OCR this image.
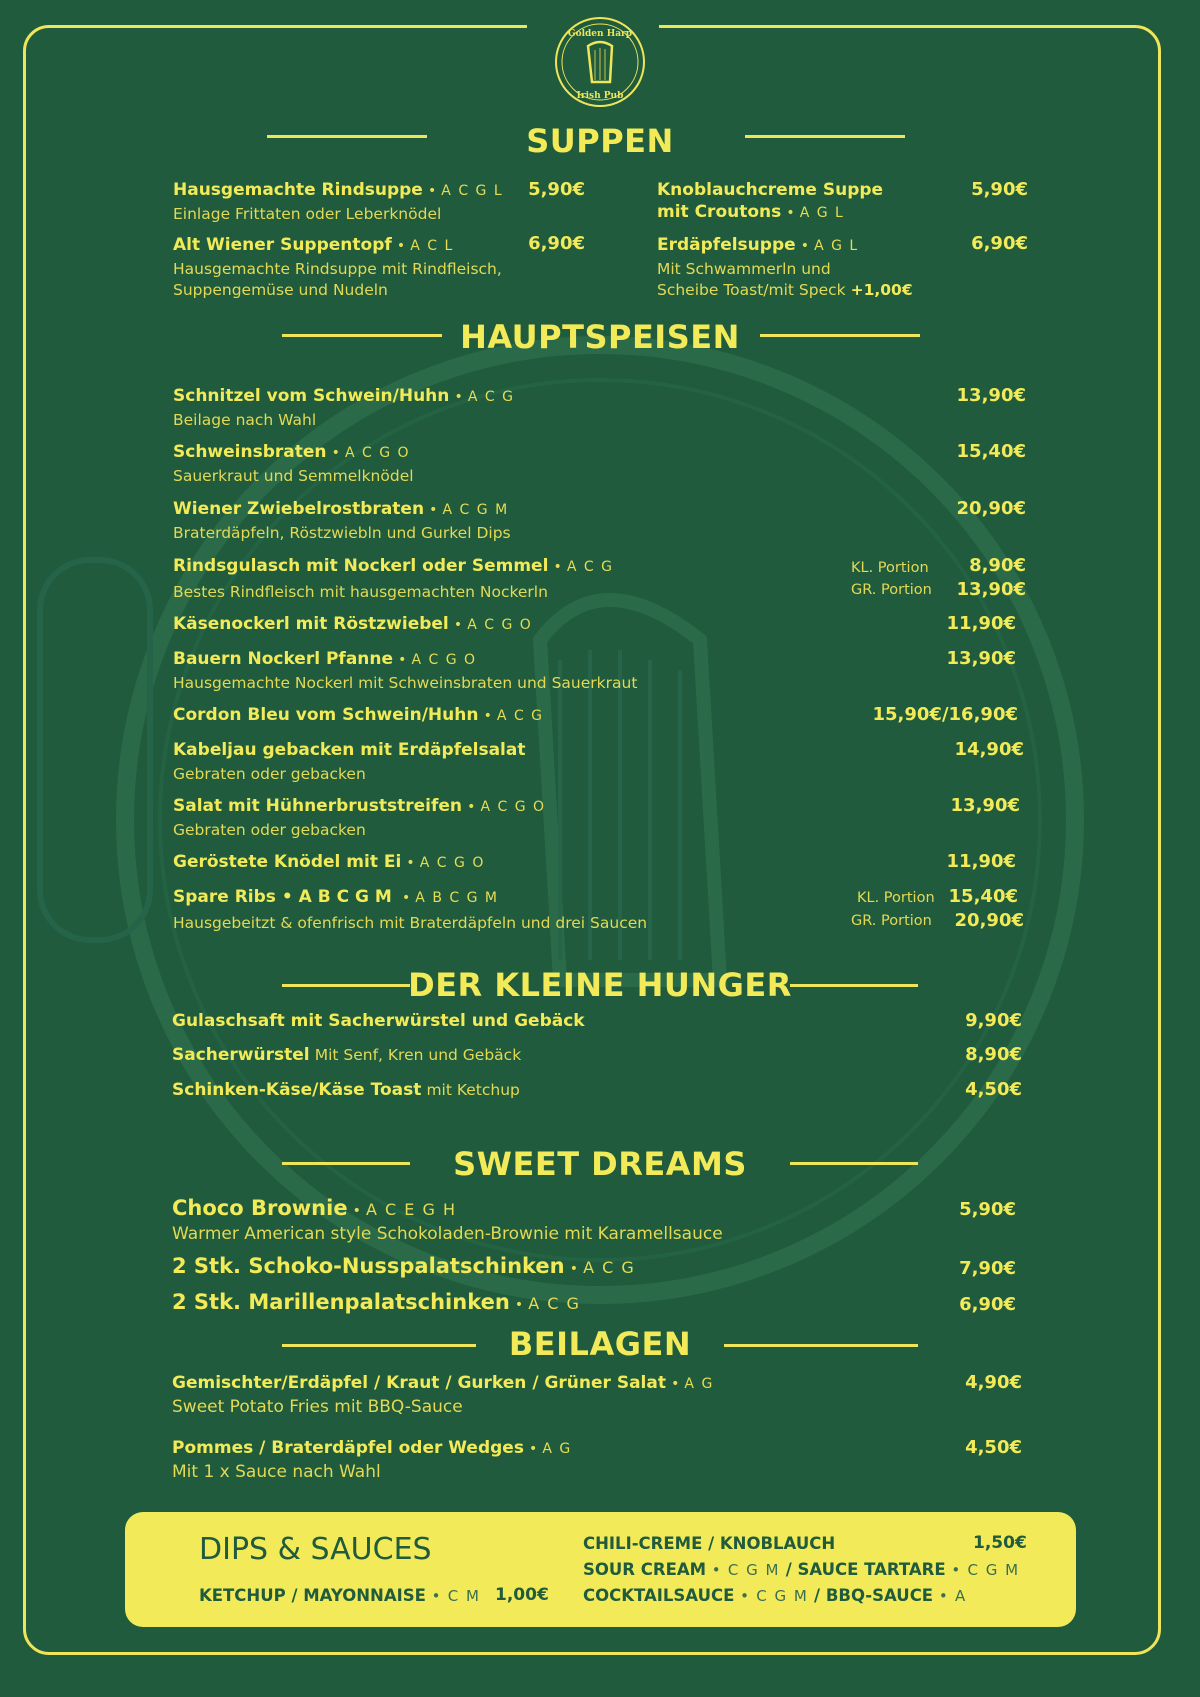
Golden Harp
Irish Pub
SUPPEN
Hausgemachte Rindsuppe • A C G L
Einlage Frittaten oder Leberknödel
5,90€
Alt Wiener Suppentopf • A C L
Hausgemachte Rindsuppe mit Rindfleisch,
Suppengemüse und Nudeln
6,90€
Knoblauchcreme Suppe
mit Croutons • A G L
5,90€
Erdäpfelsuppe • A G L
Mit Schwammerln und
Scheibe Toast/mit Speck +1,00€
6,90€
HAUPTSPEISEN
Schnitzel vom Schwein/Huhn • A C G
Beilage nach Wahl
13,90€
Schweinsbraten • A C G O
Sauerkraut und Semmelknödel
15,40€
Wiener Zwiebelrostbraten • A C G M
Braterdäpfeln, Röstzwiebln und Gurkel Dips
20,90€
Rindsgulasch mit Nockerl oder Semmel • A C G
Bestes Rindfleisch mit hausgemachten Nockerln
KL. Portion	8,90€
GR. Portion	13,90€
Käsenockerl mit Röstzwiebel • A C G O	11,90€
Bauern Nockerl Pfanne • A C G O
Hausgemachte Nockerl mit Schweinsbraten und Sauerkraut
13,90€
Cordon Bleu vom Schwein/Huhn • A C G	15,90€/16,90€
Kabeljau gebacken mit Erdäpfelsalat
Gebraten oder gebacken
14,90€
Salat mit Hühnerbruststreifen • A C G O
Gebraten oder gebacken
13,90€
Geröstete Knödel mit Ei • A C G O	11,90€
Spare Ribs • A B C G M • A B C G M
Hausgebeitzt & ofenfrisch mit Braterdäpfeln und drei Saucen
KL. Portion 15,40€
GR. Portion	20,90€
DER KLEINE HUNGER
Gulaschsaft mit Sacherwürstel und Gebäck	9,90€
Sacherwürstel Mit Senf, Kren und Gebäck	8,90€
Schinken-Käse/Käse Toast mit Ketchup	4,50€
SWEET DREAMS
Choco Brownie • A C E G H
Warmer American style Schokoladen-Brownie mit Karamellsauce
5,90€
2 Stk. Schoko-Nusspalatschinken • A C G	7,90€
2 Stk. Marillenpalatschinken • A C G	6,90€
BEILAGEN
Gemischter/Erdäpfel / Kraut / Gurken / Grüner Salat • A G
Sweet Potato Fries mit BBQ-Sauce
4,90€
Pommes / Braterdäpfel oder Wedges • A G
Mit 1 x Sauce nach Wahl
4,50€
DIPS & SAUCES
KETCHUP / MAYONNAISE • C M 1,00€
CHILI-CREME / KNOBLAUCH	1,50€
SOUR CREAM • C G M / SAUCE TARTARE • C G M
COCKTAILSAUCE • C G M / BBQ-SAUCE • A
